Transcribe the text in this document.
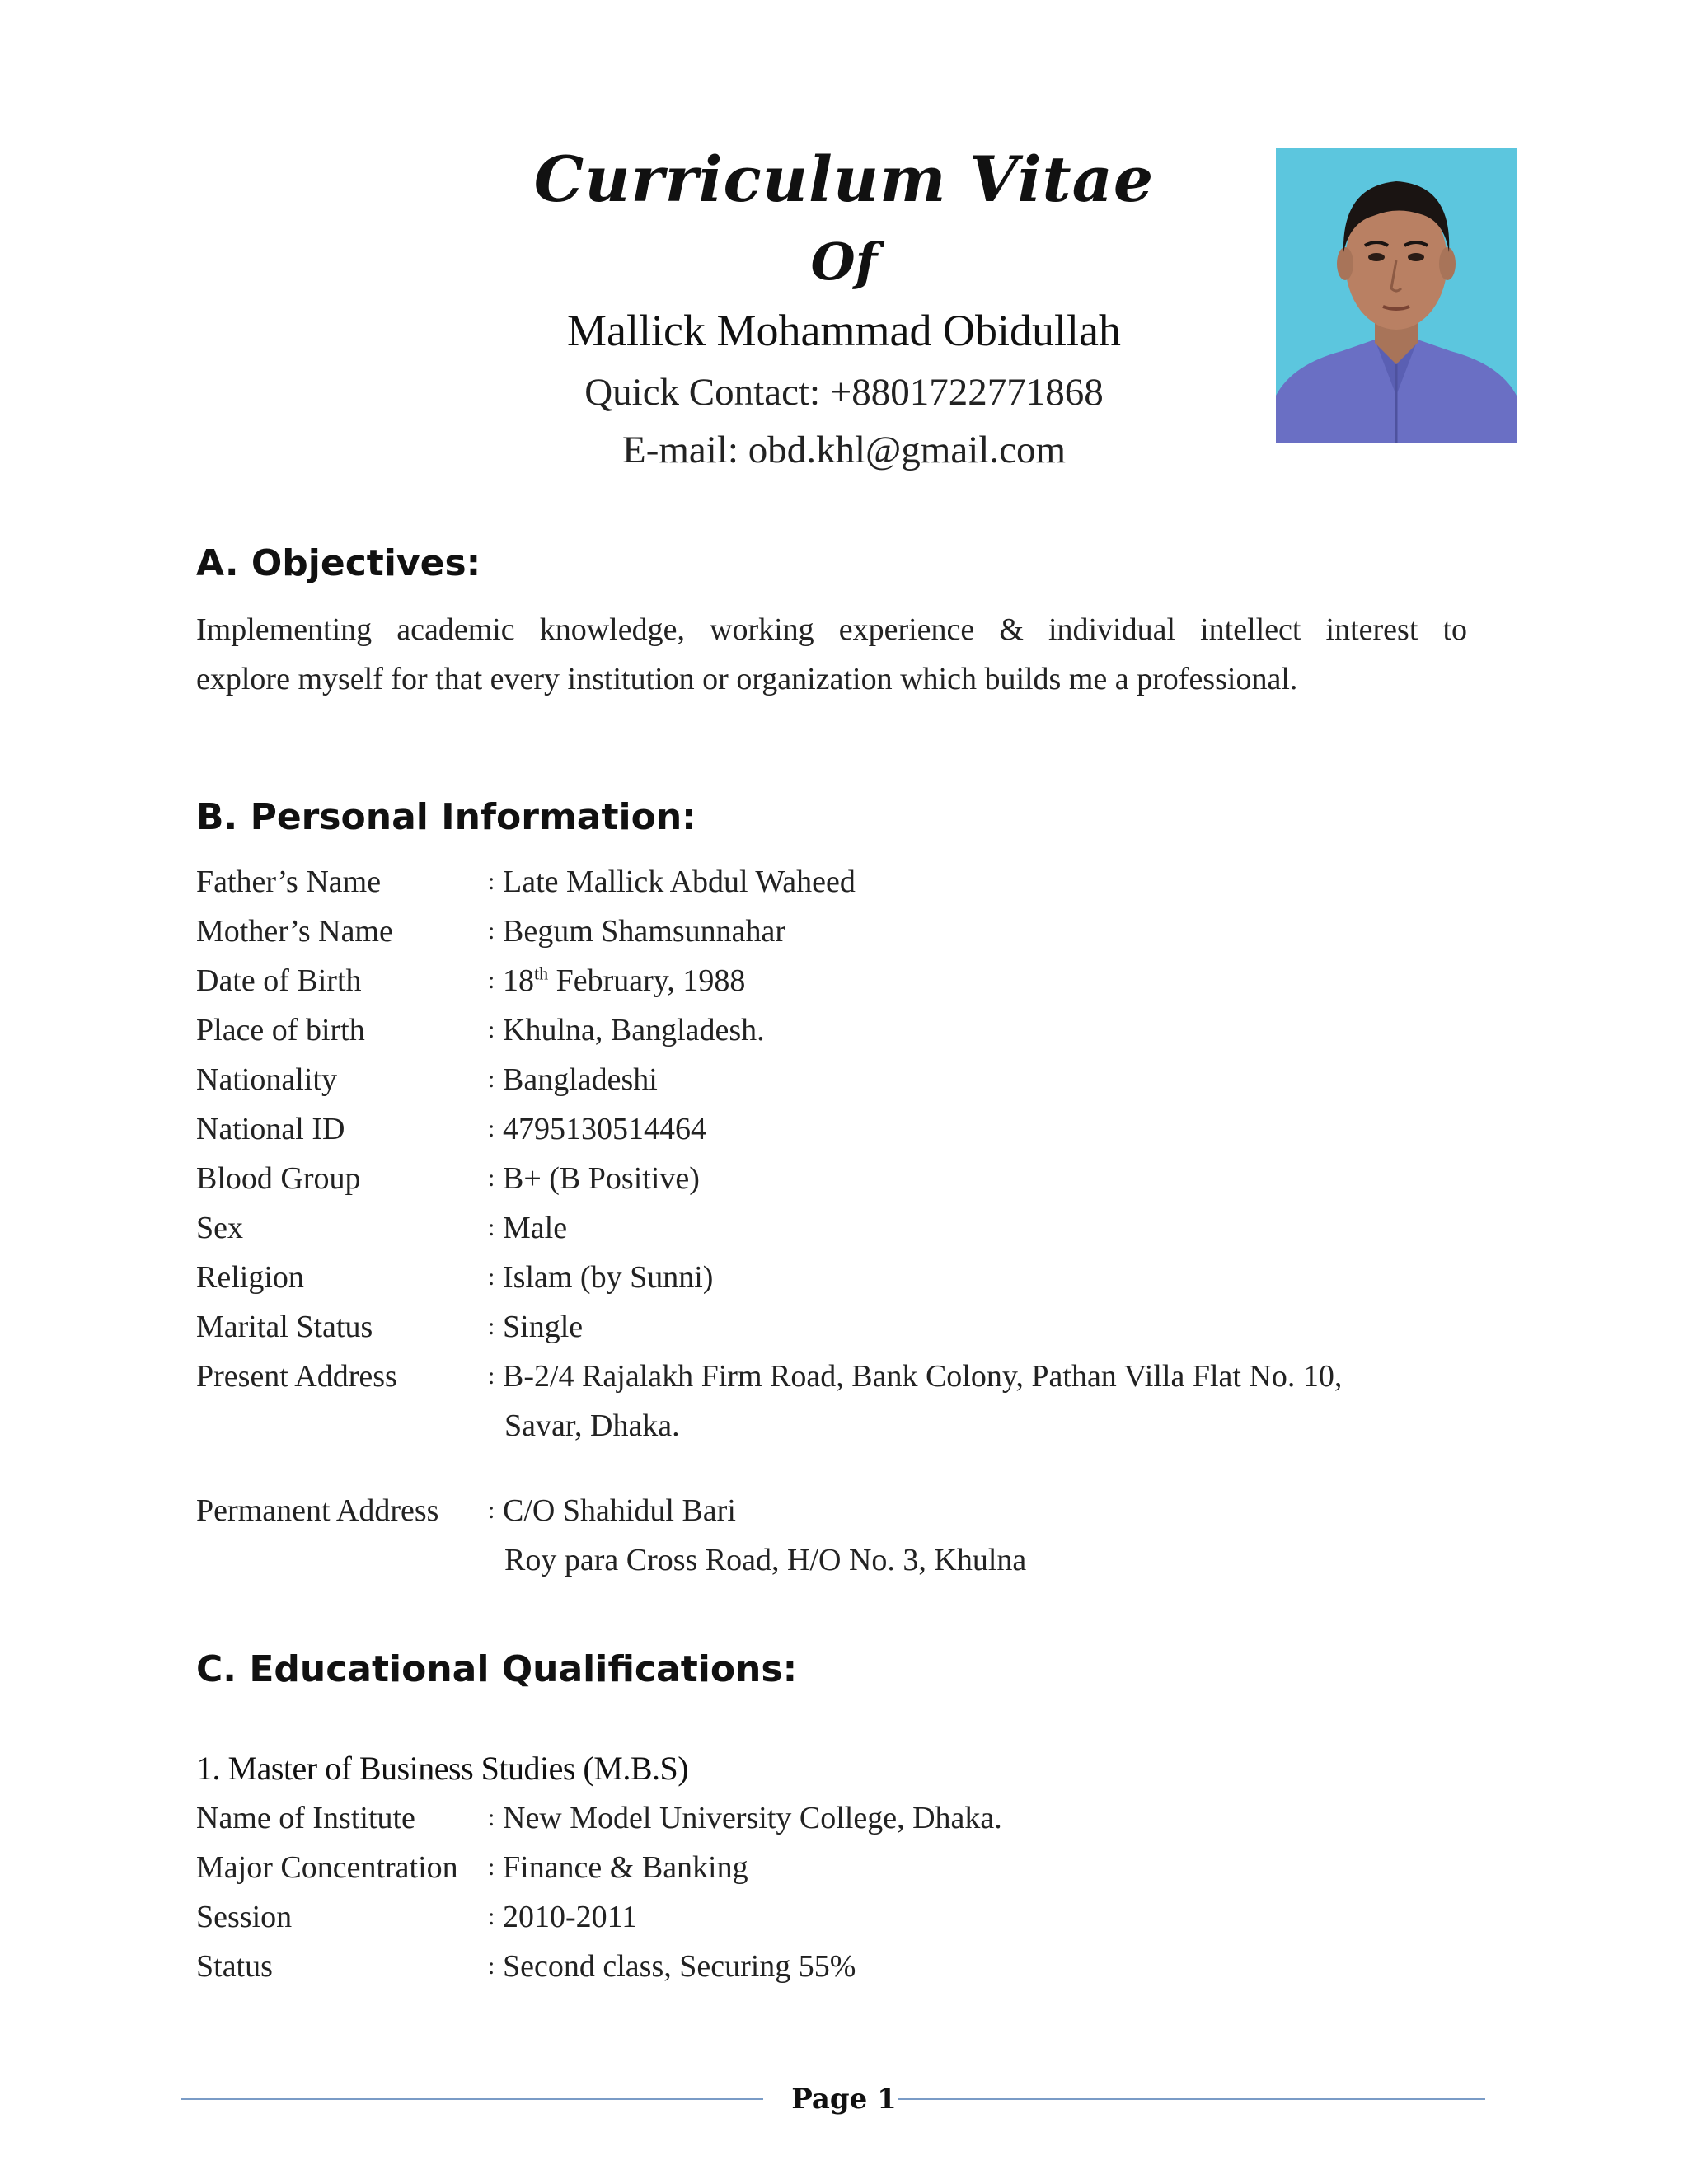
Curriculum Vitae
Of
Mallick Mohammad Obidullah
Quick Contact: +8801722771868
E-mail: obd.khl@gmail.com
A. Objectives:
Implementing academic knowledge, working experience & individual intellect interest to
explore myself for that every institution or organization which builds me a professional.
B. Personal Information:
Father’s Name	: Late Mallick Abdul Waheed
Mother’s Name	: Begum Shamsunnahar
Date of Birth	: 18th February, 1988
Place of birth	: Khulna, Bangladesh.
Nationality	: Bangladeshi
National ID	: 4795130514464
Blood Group	: B+ (B Positive)
Sex	: Male
Religion	: Islam (by Sunni)
Marital Status	: Single
Present Address	: B-2/4 Rajalakh Firm Road, Bank Colony, Pathan Villa Flat No. 10,
Savar, Dhaka.
Permanent Address : C/O Shahidul Bari
Roy para Cross Road, H/O No. 3, Khulna
C. Educational Qualifications:
1. Master of Business Studies (M.B.S)
Name of Institute	: New Model University College, Dhaka.
Major Concentration : Finance & Banking
Session	: 2010-2011
Status	: Second class, Securing 55%
Page 1
